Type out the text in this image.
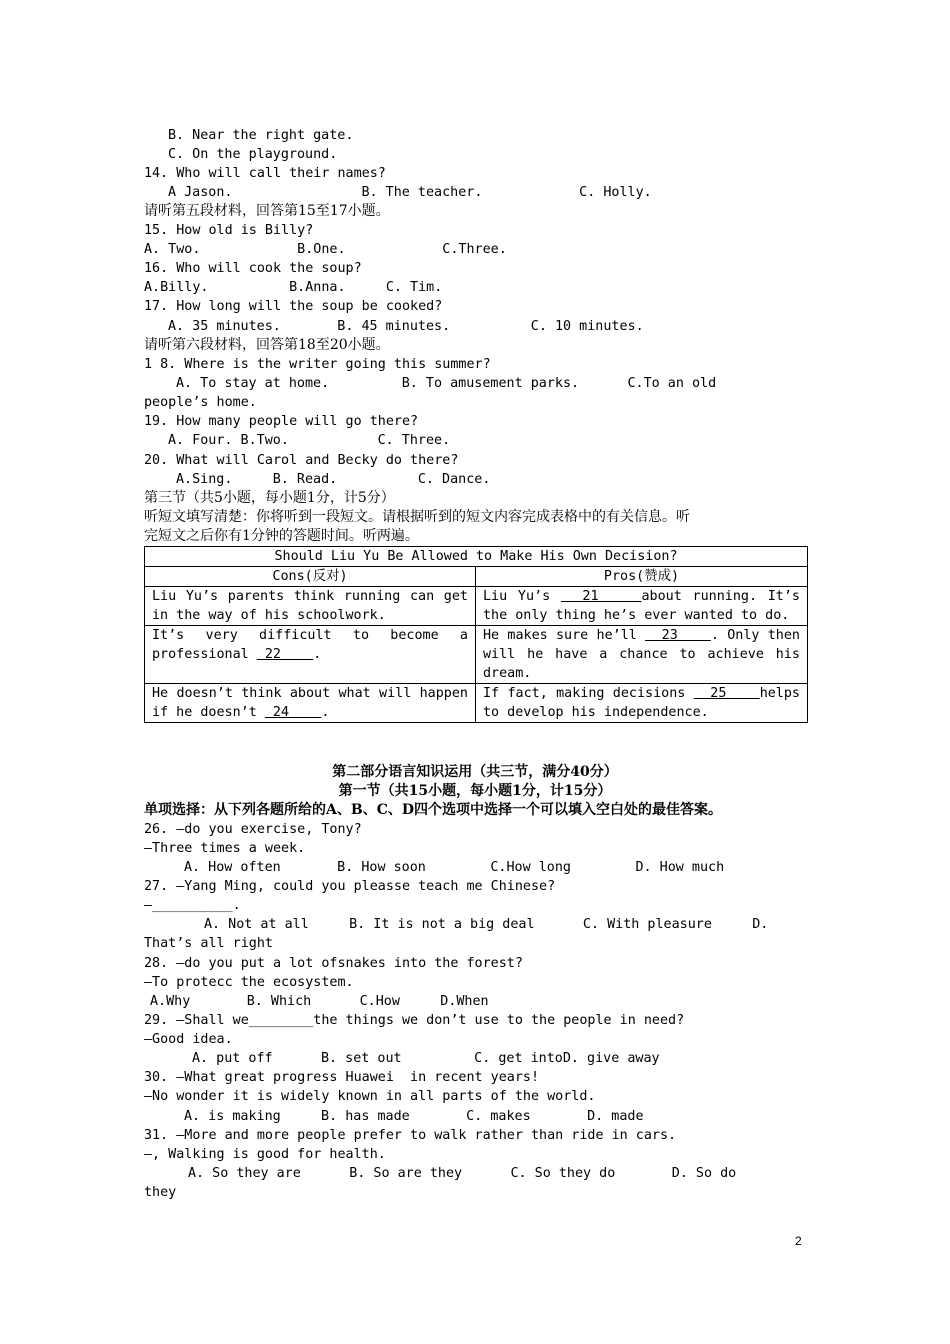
B. Near the right gate.
C. On the playground.
14. Who will call their names?
A Jason.                B. The teacher.            C. Holly.
请听第五段材料，回答第15至17小题。
15. How old is Billy?
A. Two.            B.One.            C.Three.
16. Who will cook the soup?
A.Billy.          B.Anna.     C. Tim.
17. How long will the soup be cooked?
A. 35 minutes.       B. 45 minutes.          C. 10 minutes.
请听第六段材料，回答第18至20小题。
1 8. Where is the writer going this summer?
A. To stay at home.         B. To amusement parks.      C.To an old
people’s home.
19. How many people will go there?
A. Four. B.Two.           C. Three.
20. What will Carol and Becky do there?
A.Sing.     B. Read.          C. Dance.
第三节（共5小题，每小题1分，计5分）
听短文填写清楚：你将听到一段短文。请根据听到的短文内容完成表格中的有关信息。听
完短文之后你有1分钟的答题时间。听两遍。
Should Liu Yu Be Allowed to Make His Own Decision?	
Cons(反对)	Pros(赞成)
Liu Yu’s parents think running can get in the way of his schoolwork.	Liu Yu’s   21    about running. It’s the only thing he’s ever wanted to do.
It’s very difficult to become a professional  22    .	He makes sure he’ll   23    . Only then will he have a chance to achieve his dream.
He doesn’t think about what will happen if he doesn’t  24    .	If fact, making decisions   25    helps to develop his independence.
第二部分语言知识运用（共三节，满分40分）
第一节（共15小题，每小题1分，计15分）
单项选择：从下列各题所给的A、B、C、D四个选项中选择一个可以填入空白处的最佳答案。
26. —do you exercise, Tony?
—Three times a week.
A. How often       B. How soon        C.How long        D. How much
27. —Yang Ming, could you pleasse teach me Chinese?
—__________.
A. Not at all     B. It is not a big deal      C. With pleasure     D.
That’s all right
28. —do you put a lot ofsnakes into the forest?
—To protecc the ecosystem.
A.Why       B. Which      C.How     D.When
29. —Shall we________the things we don’t use to the people in need?
—Good idea.
A. put off      B. set out         C. get intoD. give away
30. —What great progress Huawei  in recent years!
—No wonder it is widely known in all parts of the world.
A. is making     B. has made       C. makes       D. made
31. —More and more people prefer to walk rather than ride in cars.
—, Walking is good for health.
A. So they are      B. So are they      C. So they do       D. So do
they
2
